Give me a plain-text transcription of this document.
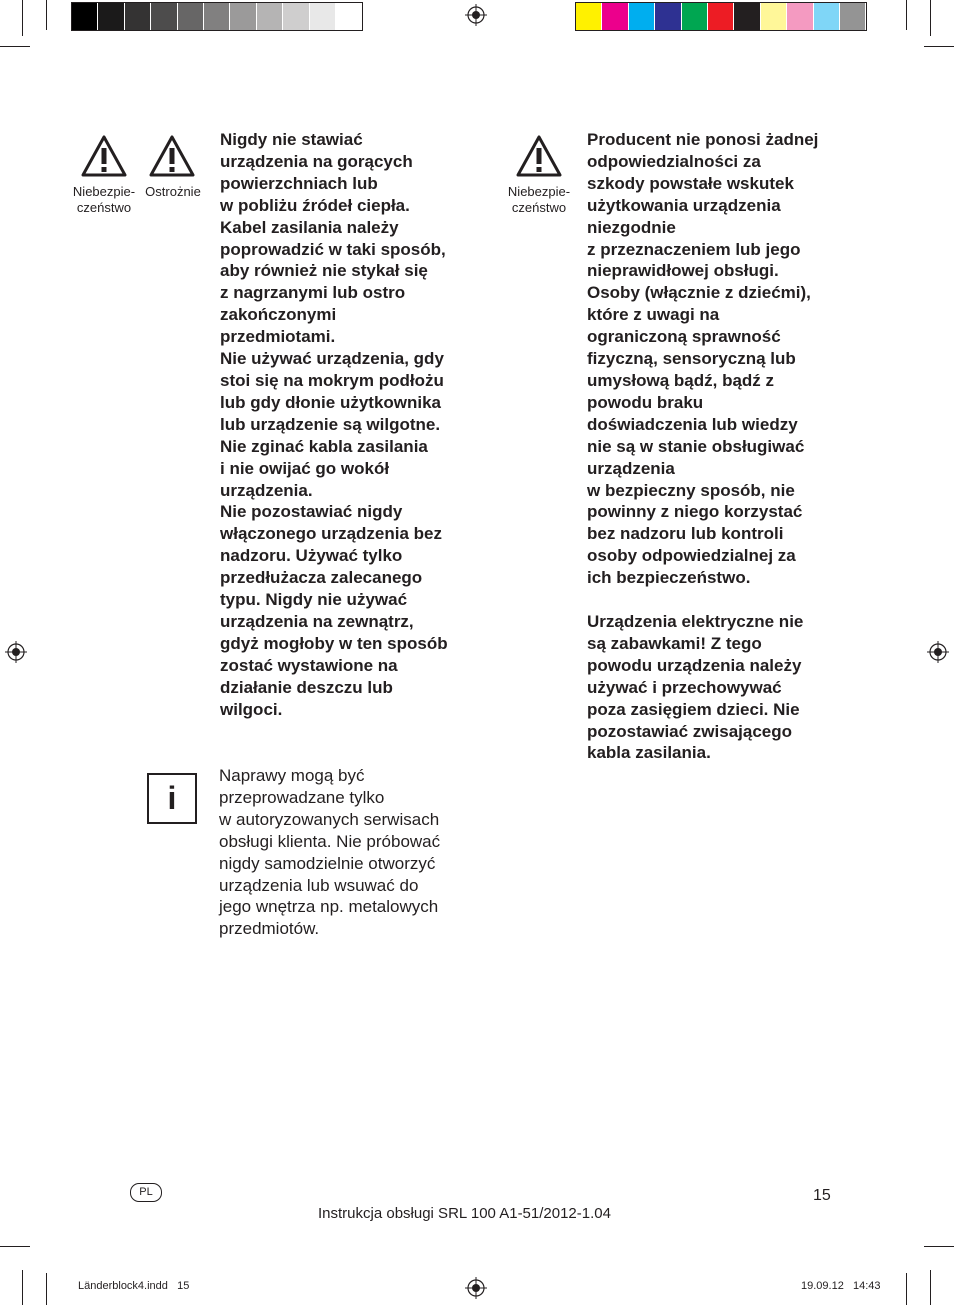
Niebezpie-
czeństwo
Ostrożnie

Nigdy nie stawiać
urządzenia na gorących
powierzchniach lub
w pobliżu źródeł ciepła.
Kabel zasilania należy
poprowadzić w taki sposób,
aby również nie stykał się
z nagrzanymi lub ostro
zakończonymi
przedmiotami.
Nie używać urządzenia, gdy
stoi się na mokrym podłożu
lub gdy dłonie użytkownika
lub urządzenie są wilgotne.
Nie zginać kabla zasilania
i nie owijać go wokół
urządzenia.
Nie pozostawiać nigdy
włączonego urządzenia bez
nadzoru. Używać tylko
przedłużacza zalecanego
typu. Nigdy nie używać
urządzenia na zewnątrz,
gdyż mogłoby w ten sposób
zostać wystawione na
działanie deszczu lub
wilgoci.

i

Naprawy mogą być
przeprowadzane tylko
w autoryzowanych serwisach
obsługi klienta. Nie próbować
nigdy samodzielnie otworzyć
urządzenia lub wsuwać do
jego wnętrza np. metalowych
przedmiotów.

Niebezpie-
czeństwo

Producent nie ponosi żadnej
odpowiedzialności za
szkody powstałe wskutek
użytkowania urządzenia
niezgodnie
z przeznaczeniem lub jego
nieprawidłowej obsługi.
Osoby (włącznie z dziećmi),
które z uwagi na
ograniczoną sprawność
fizyczną, sensoryczną lub
umysłową bądź, bądź z
powodu braku
doświadczenia lub wiedzy
nie są w stanie obsługiwać
urządzenia
w bezpieczny sposób, nie
powinny z niego korzystać
bez nadzoru lub kontroli
osoby odpowiedzialnej za
ich bezpieczeństwo.

Urządzenia elektryczne nie
są zabawkami! Z tego
powodu urządzenia należy
używać i przechowywać
poza zasięgiem dzieci. Nie
pozostawiać zwisającego
kabla zasilania.

PL	15
Instrukcja obsługi SRL 100 A1-51/2012-1.04
Länderblock4.indd   15	19.09.12   14:43
